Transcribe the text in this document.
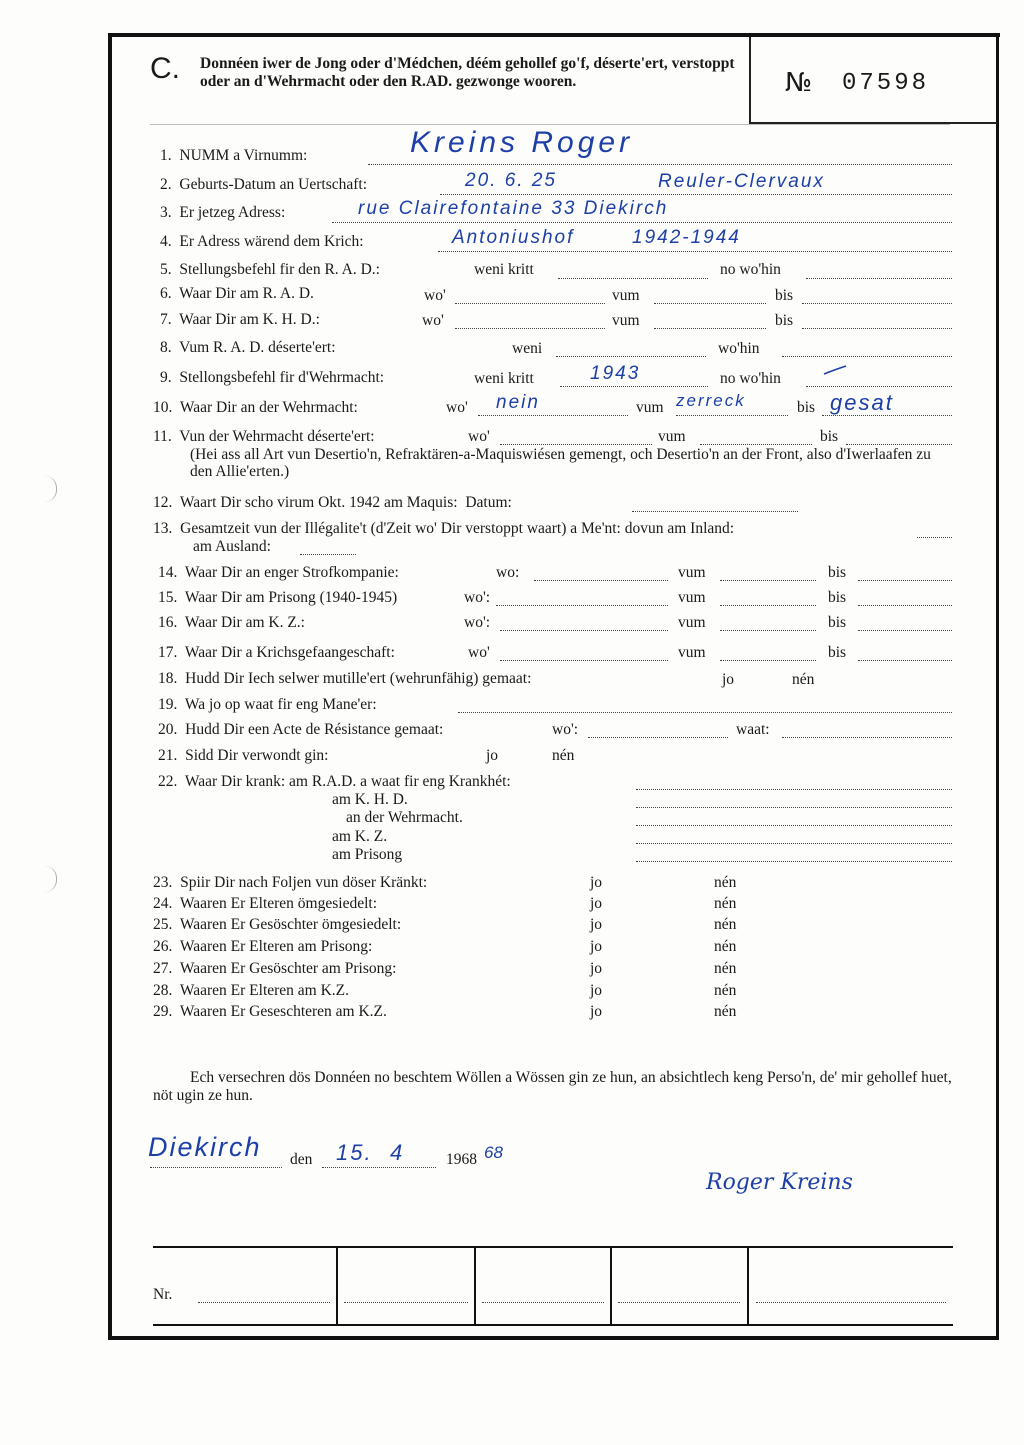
C. Donnéen iwer de Jong oder d'Médchen, déém gehollef go'f, déserte'ert, verstoppt oder an d'Wehrmacht oder den R.AD. gezwonge wooren.	№ 07598
1. NUMM a Virnumm:	Kreins Roger
2. Geburts-Datum an Uertschaft:	20. 6. 25	Reuler-Clervaux
3. Er jetzeg Adress:	rue Clairefontaine 33 Diekirch
4. Er Adress wärend dem Krich:	Antoniushof	1942-1944
5. Stellungsbefehl fir den R. A. D.:	weni kritt	no wo'hin
6. Waar Dir am R. A. D.	wo'	vum	bis
7. Waar Dir am K. H. D.:	wo'	vum	bis
8. Vum R. A. D. déserte'ert:	weni	wo'hin
9. Stellongsbefehl fir d'Wehrmacht:	weni kritt	1943	no wo'hin
10. Waar Dir an der Wehrmacht:	wo' nein	vum zerreck	bis gesat
11. Vun der Wehrmacht déserte'ert:	wo'	vum	bis
(Hei ass all Art vun Desertio'n, Refraktären-a-Maquiswiésen gemengt, och Desertio'n an der Front, also d'Iwerlaafen zu den Allie'erten.)
12. Waart Dir scho virum Okt. 1942 am Maquis: Datum:
13. Gesamtzeit vun der Illégalite't (d'Zeit wo' Dir verstoppt waart) a Me'nt: dovun am Inland:
am Ausland:
14. Waar Dir an enger Strofkompanie:	wo:	vum	bis
15. Waar Dir am Prisong (1940-1945)	wo':	vum	bis
16. Waar Dir am K. Z.:	wo':	vum	bis
17. Waar Dir a Krichsgefaangeschaft:	wo'	vum	bis
18. Hudd Dir Iech selwer mutille'ert (wehrunfähig) gemaat:	jo	nén
19. Wa jo op waat fir eng Mane'er:
20. Hudd Dir een Acte de Résistance gemaat:	wo':	waat:
21. Sidd Dir verwondt gin:	jo	nén
22. Waar Dir krank: am R.A.D. a waat fir eng Krankhét:
am K. H. D.
an der Wehrmacht.
am K. Z.
am Prisong
23. Spiir Dir nach Foljen vun döser Kränkt:	jo	nén
24. Waaren Er Elteren ömgesiedelt:	jo	nén
25. Waaren Er Gesöschter ömgesiedelt:	jo	nén
26. Waaren Er Elteren am Prisong:	jo	nén
27. Waaren Er Gesöschter am Prisong:	jo	nén
28. Waaren Er Elteren am K.Z.	jo	nén
29. Waaren Er Geseschteren am K.Z.	jo	nén
Ech versechren dös Donnéen no beschtem Wöllen a Wössen gin ze hun, an absichtlech keng Perso'n, de' mir gehollef huet, nöt ugin ze hun.
Diekirch den 15. 4	1968 68
Roger Kreins
Nr.
